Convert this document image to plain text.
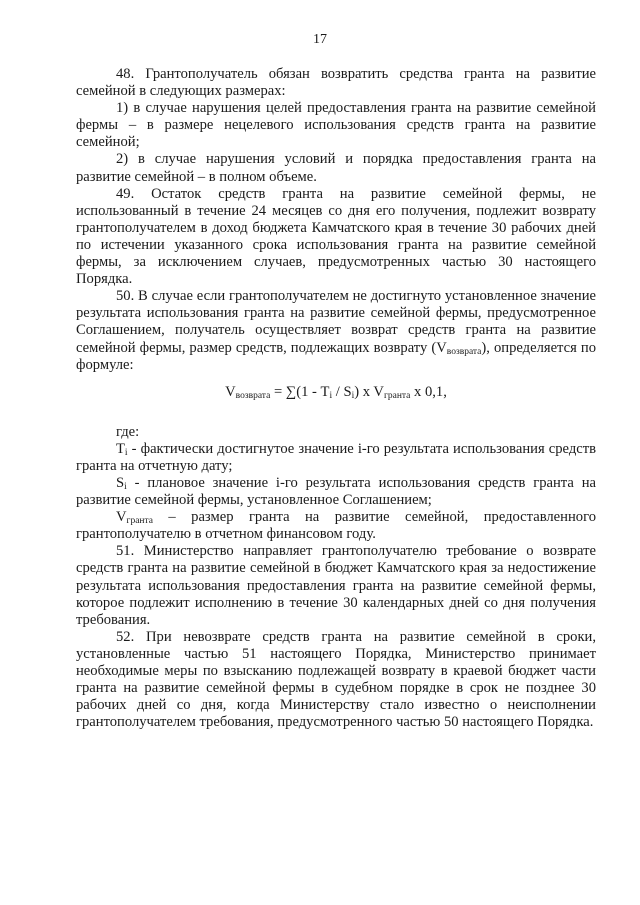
17

48. Грантополучатель обязан возвратить средства гранта на развитие семейной в следующих размерах:

1) в случае нарушения целей предоставления гранта на развитие семейной фермы – в размере нецелевого использования средств гранта на развитие семейной;

2) в случае нарушения условий и порядка предоставления гранта на развитие семейной – в полном объеме.

49. Остаток средств гранта на развитие семейной фермы, не использованный в течение 24 месяцев со дня его получения, подлежит возврату грантополучателем в доход бюджета Камчатского края в течение 30 рабочих дней по истечении указанного срока использования гранта на развитие семейной фермы, за исключением случаев, предусмотренных частью 30 настоящего Порядка.

50. В случае если грантополучателем не достигнуто установленное значение результата использования гранта на развитие семейной фермы, предусмотренное Соглашением, получатель осуществляет возврат средств гранта на развитие семейной фермы, размер средств, подлежащих возврату $(V_{возврата})$, определяется по формуле:

$V_{возврата} = \sum(1 - T_i / S_i)$ x $V_{гранта}$ x 0,1,

где:

$T_i$ - фактически достигнутое значение i-го результата использования средств гранта на отчетную дату;

$S_i$ - плановое значение i-го результата использования средств гранта на развитие семейной фермы, установленное Соглашением;

$V_{гранта}$ – размер гранта на развитие семейной, предоставленного грантополучателю в отчетном финансовом году.

51. Министерство направляет грантополучателю требование о возврате средств гранта на развитие семейной в бюджет Камчатского края за недостижение результата использования предоставления гранта на развитие семейной фермы, которое подлежит исполнению в течение 30 календарных дней со дня получения требования.

52. При невозврате средств гранта на развитие семейной в сроки, установленные частью 51 настоящего Порядка, Министерство принимает необходимые меры по взысканию подлежащей возврату в краевой бюджет части гранта на развитие семейной фермы в судебном порядке в срок не позднее 30 рабочих дней со дня, когда Министерству стало известно о неисполнении грантополучателем требования, предусмотренного частью 50 настоящего Порядка.
